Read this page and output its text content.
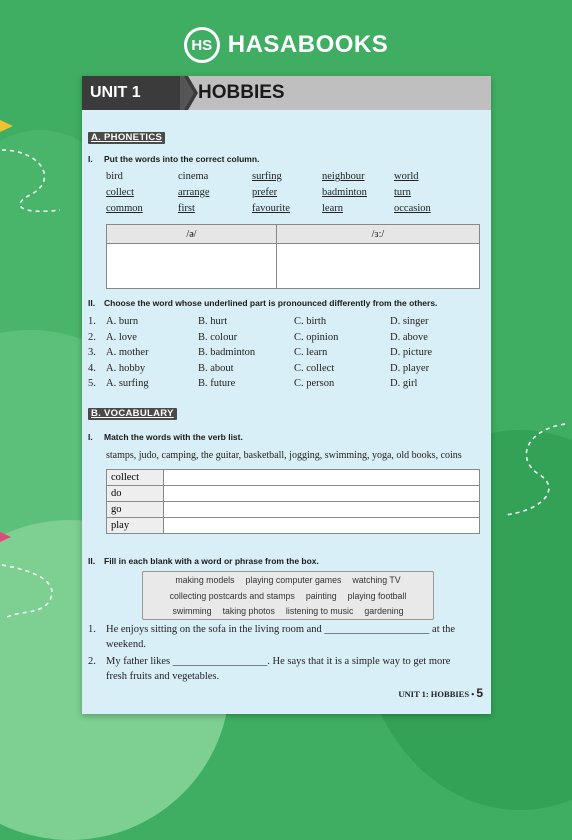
HS HASABOOKS
UNIT 1	HOBBIES
A. PHONETICS
I. Put the words into the correct column.
bird	cinema	surfing	neighbour	world
collect	arrange	prefer	badminton	turn
common	first	favourite	learn	occasion
/ə/	/ɜː/

II. Choose the word whose underlined part is pronounced differently from the others.
1. A. burn	B. hurt	C. birth	D. singer
2. A. love	B. colour	C. opinion	D. above
3. A. mother	B. badminton	C. learn	D. picture
4. A. hobby	B. about	C. collect	D. player
5. A. surfing	B. future	C. person	D. girl
B. VOCABULARY
I. Match the words with the verb list.
stamps, judo, camping, the guitar, basketball, jogging, swimming, yoga, old books, coins
collect	
do	
go	
play	
II. Fill in each blank with a word or phrase from the box.
making models playing computer games watching TV
collecting postcards and stamps painting playing football
swimming taking photos listening to music gardening
1. He enjoys sitting on the sofa in the living room and ____________________ at the
weekend.
2. My father likes __________________. He says that it is a simple way to get more
fresh fruits and vegetables.
UNIT 1: HOBBIES • 5
